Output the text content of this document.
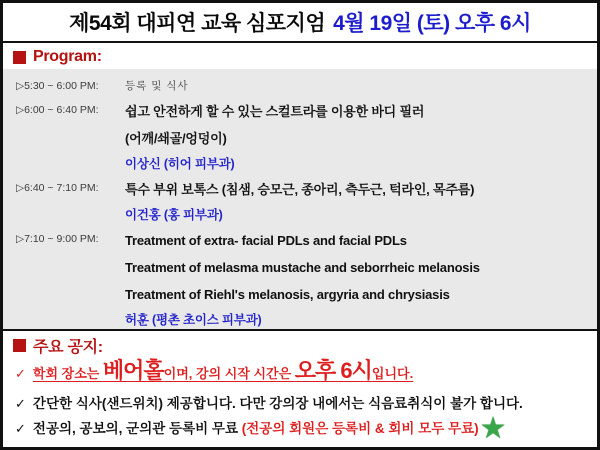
제54회 대피연 교육 심포지엄 4월 19일 (토) 오후 6시
Program:
▷5:30 ~ 6:00 PM:	등록 및 식사
▷6:00 ~ 6:40 PM:	쉽고 안전하게 할 수 있는 스컬트라를 이용한 바디 필러
(어깨/쇄골/엉덩이)
이상신 (히어 피부과)
▷6:40 ~ 7:10 PM:	특수 부위 보톡스 (침샘, 승모근, 종아리, 측두근, 턱라인, 목주름)
이건홍 (홍 피부과)
▷7:10 ~ 9:00 PM:	Treatment of extra- facial PDLs and facial PDLs
Treatment of melasma mustache and seborrheic melanosis
Treatment of Riehl's melanosis, argyria and chrysiasis
허훈 (평촌 초이스 피부과)
주요 공지:
✓ 학회 장소는 베어홀이며, 강의 시작 시간은 오후 6시입니다.
✓ 간단한 식사(샌드위치) 제공합니다. 다만 강의장 내에서는 식음료취식이 불가 합니다.
✓ 전공의, 공보의, 군의관 등록비 무료 (전공의 회원은 등록비 & 회비 모두 무료) ★
